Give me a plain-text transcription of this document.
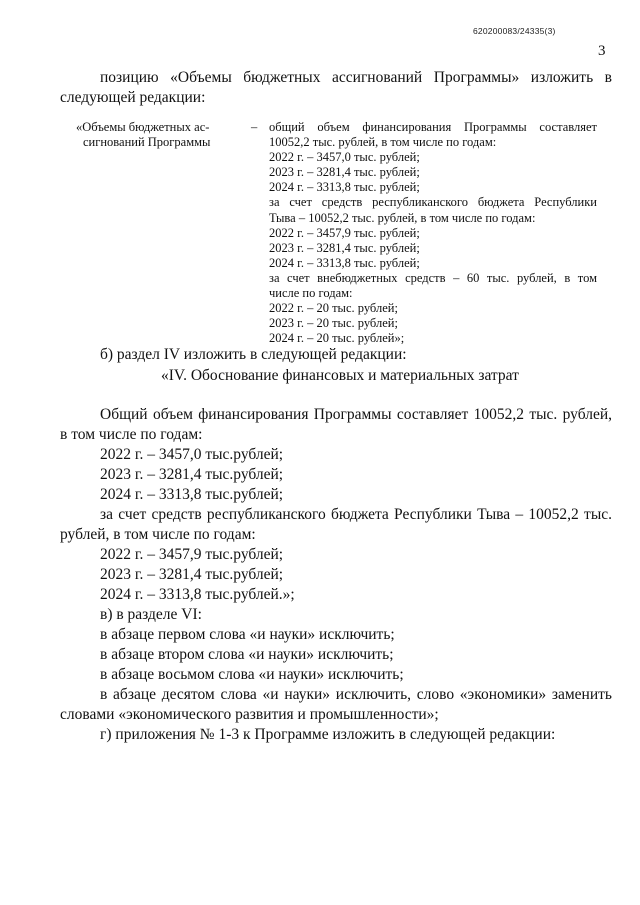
620200083/24335(3)
3
позицию «Объемы бюджетных ассигнований Программы» изложить в следующей редакции:
«Объемы бюджетных ас-
сигнований Программы
– общий объем финансирования Программы составляет
10052,2 тыс. рублей, в том числе по годам:
2022 г. – 3457,0 тыс. рублей;
2023 г. – 3281,4 тыс. рублей;
2024 г. – 3313,8 тыс. рублей;
за счет средств республиканского бюджета Республики
Тыва – 10052,2 тыс. рублей, в том числе по годам:
2022 г. – 3457,9 тыс. рублей;
2023 г. – 3281,4 тыс. рублей;
2024 г. – 3313,8 тыс. рублей;
за счет внебюджетных средств – 60 тыс. рублей, в том
числе по годам:
2022 г. – 20 тыс. рублей;
2023 г. – 20 тыс. рублей;
2024 г. – 20 тыс. рублей»;
б) раздел IV изложить в следующей редакции:
«IV. Обоснование финансовых и материальных затрат
Общий объем финансирования Программы составляет 10052,2 тыс. рублей, в том числе по годам:
2022 г. – 3457,0 тыс.рублей;
2023 г. – 3281,4 тыс.рублей;
2024 г. – 3313,8 тыс.рублей;
за счет средств республиканского бюджета Республики Тыва – 10052,2 тыс. рублей, в том числе по годам:
2022 г. – 3457,9 тыс.рублей;
2023 г. – 3281,4 тыс.рублей;
2024 г. – 3313,8 тыс.рублей.»;
в) в разделе VI:
в абзаце первом слова «и науки» исключить;
в абзаце втором слова «и науки» исключить;
в абзаце восьмом слова «и науки» исключить;
в абзаце десятом слова «и науки» исключить, слово «экономики» заменить словами «экономического развития и промышленности»;
г) приложения № 1-3 к Программе изложить в следующей редакции:
